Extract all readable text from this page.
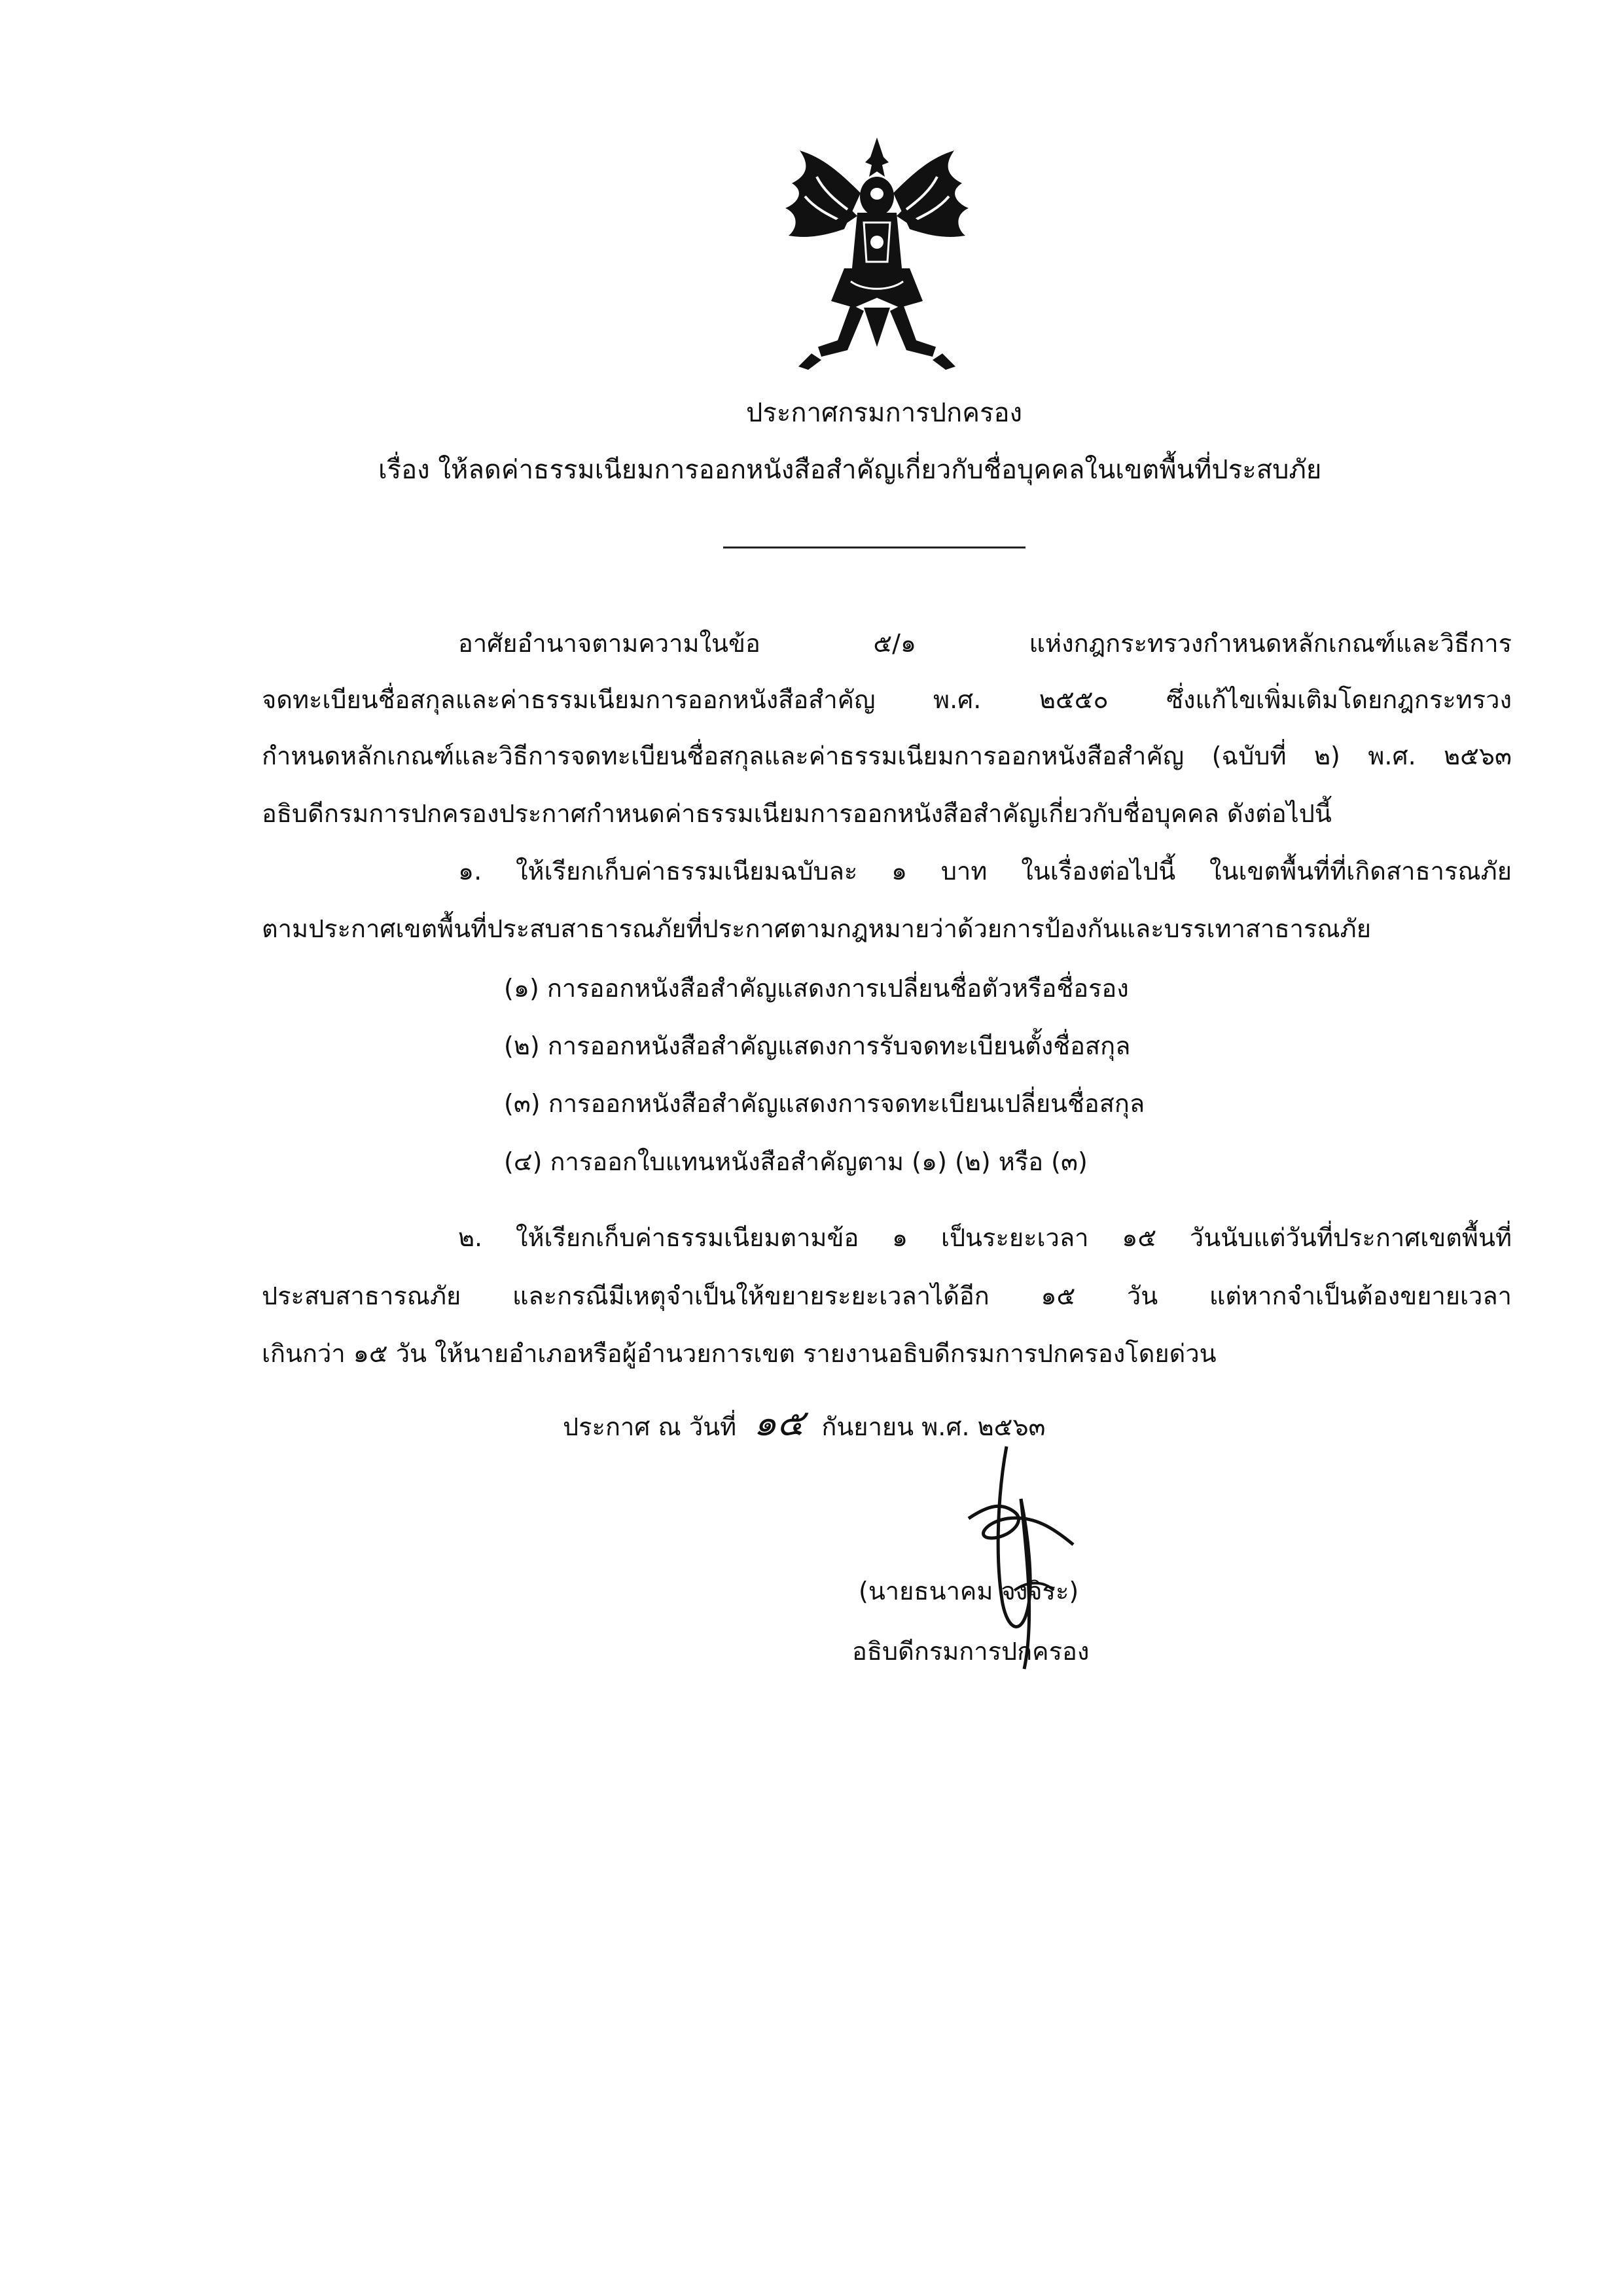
ประกาศกรมการปกครอง
เรื่อง ให้ลดค่าธรรมเนียมการออกหนังสือสำคัญเกี่ยวกับชื่อบุคคลในเขตพื้นที่ประสบภัย
อาศัยอำนาจตามความในข้อ ๕/๑ แห่งกฎกระทรวงกำหนดหลักเกณฑ์และวิธีการ
จดทะเบียนชื่อสกุลและค่าธรรมเนียมการออกหนังสือสำคัญ พ.ศ. ๒๕๕๐ ซึ่งแก้ไขเพิ่มเติมโดยกฎกระทรวง
กำหนดหลักเกณฑ์และวิธีการจดทะเบียนชื่อสกุลและค่าธรรมเนียมการออกหนังสือสำคัญ (ฉบับที่ ๒) พ.ศ. ๒๕๖๓
อธิบดีกรมการปกครองประกาศกำหนดค่าธรรมเนียมการออกหนังสือสำคัญเกี่ยวกับชื่อบุคคล ดังต่อไปนี้
๑. ให้เรียกเก็บค่าธรรมเนียมฉบับละ ๑ บาท ในเรื่องต่อไปนี้ ในเขตพื้นที่ที่เกิดสาธารณภัย
ตามประกาศเขตพื้นที่ประสบสาธารณภัยที่ประกาศตามกฎหมายว่าด้วยการป้องกันและบรรเทาสาธารณภัย
(๑) การออกหนังสือสำคัญแสดงการเปลี่ยนชื่อตัวหรือชื่อรอง
(๒) การออกหนังสือสำคัญแสดงการรับจดทะเบียนตั้งชื่อสกุล
(๓) การออกหนังสือสำคัญแสดงการจดทะเบียนเปลี่ยนชื่อสกุล
(๔) การออกใบแทนหนังสือสำคัญตาม (๑) (๒) หรือ (๓)
๒. ให้เรียกเก็บค่าธรรมเนียมตามข้อ ๑ เป็นระยะเวลา ๑๕ วันนับแต่วันที่ประกาศเขตพื้นที่
ประสบสาธารณภัย และกรณีมีเหตุจำเป็นให้ขยายระยะเวลาได้อีก ๑๕ วัน แต่หากจำเป็นต้องขยายเวลา
เกินกว่า ๑๕ วัน ให้นายอำเภอหรือผู้อำนวยการเขต รายงานอธิบดีกรมการปกครองโดยด่วน
ประกาศ ณ วันที่ ๑๕ กันยายน พ.ศ. ๒๕๖๓
(นายธนาคม จงจิระ)
อธิบดีกรมการปกครอง
